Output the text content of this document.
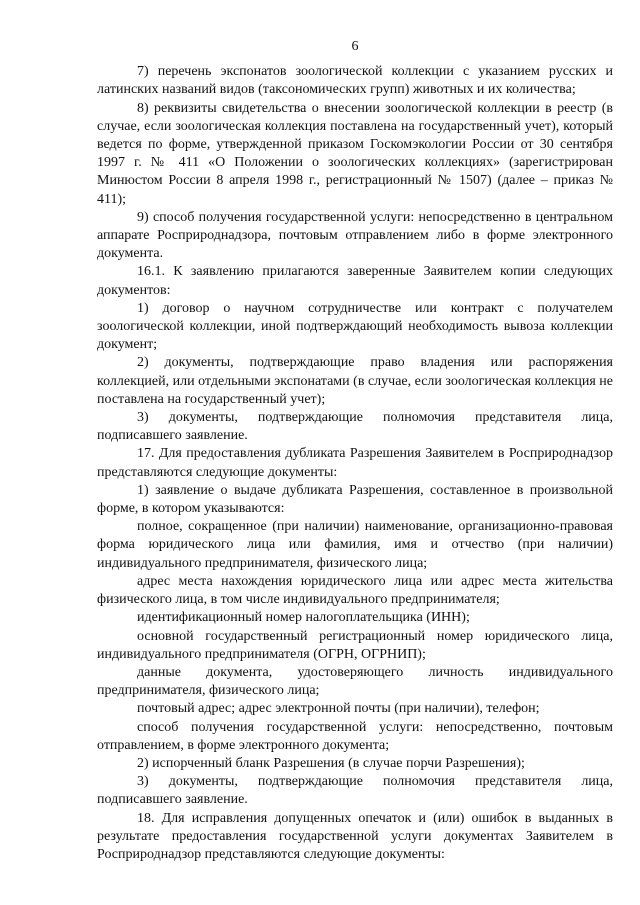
6

7) перечень экспонатов зоологической коллекции с указанием русских и латинских названий видов (таксономических групп) животных и их количества;

8) реквизиты свидетельства о внесении зоологической коллекции в реестр (в случае, если зоологическая коллекция поставлена на государственный учет), который ведется по форме, утвержденной приказом Госкомэкологии России от 30 сентября 1997 г. № 411 «О Положении о зоологических коллекциях» (зарегистрирован Минюстом России 8 апреля 1998 г., регистрационный № 1507) (далее – приказ № 411);

9) способ получения государственной услуги: непосредственно в центральном аппарате Росприроднадзора, почтовым отправлением либо в форме электронного документа.

16.1. К заявлению прилагаются заверенные Заявителем копии следующих документов:

1) договор о научном сотрудничестве или контракт с получателем зоологической коллекции, иной подтверждающий необходимость вывоза коллекции документ;

2) документы, подтверждающие право владения или распоряжения коллекцией, или отдельными экспонатами (в случае, если зоологическая коллекция не поставлена на государственный учет);

3) документы, подтверждающие полномочия представителя лица, подписавшего заявление.

17. Для предоставления дубликата Разрешения Заявителем в Росприроднадзор представляются следующие документы:

1) заявление о выдаче дубликата Разрешения, составленное в произвольной форме, в котором указываются:

полное, сокращенное (при наличии) наименование, организационно-правовая форма юридического лица или фамилия, имя и отчество (при наличии) индивидуального предпринимателя, физического лица;

адрес места нахождения юридического лица или адрес места жительства физического лица, в том числе индивидуального предпринимателя;

идентификационный номер налогоплательщика (ИНН);

основной государственный регистрационный номер юридического лица, индивидуального предпринимателя (ОГРН, ОГРНИП);

данные документа, удостоверяющего личность индивидуального предпринимателя, физического лица;

почтовый адрес; адрес электронной почты (при наличии), телефон;

способ получения государственной услуги: непосредственно, почтовым отправлением, в форме электронного документа;

2) испорченный бланк Разрешения (в случае порчи Разрешения);

3) документы, подтверждающие полномочия представителя лица, подписавшего заявление.

18. Для исправления допущенных опечаток и (или) ошибок в выданных в результате предоставления государственной услуги документах Заявителем в Росприроднадзор представляются следующие документы:
